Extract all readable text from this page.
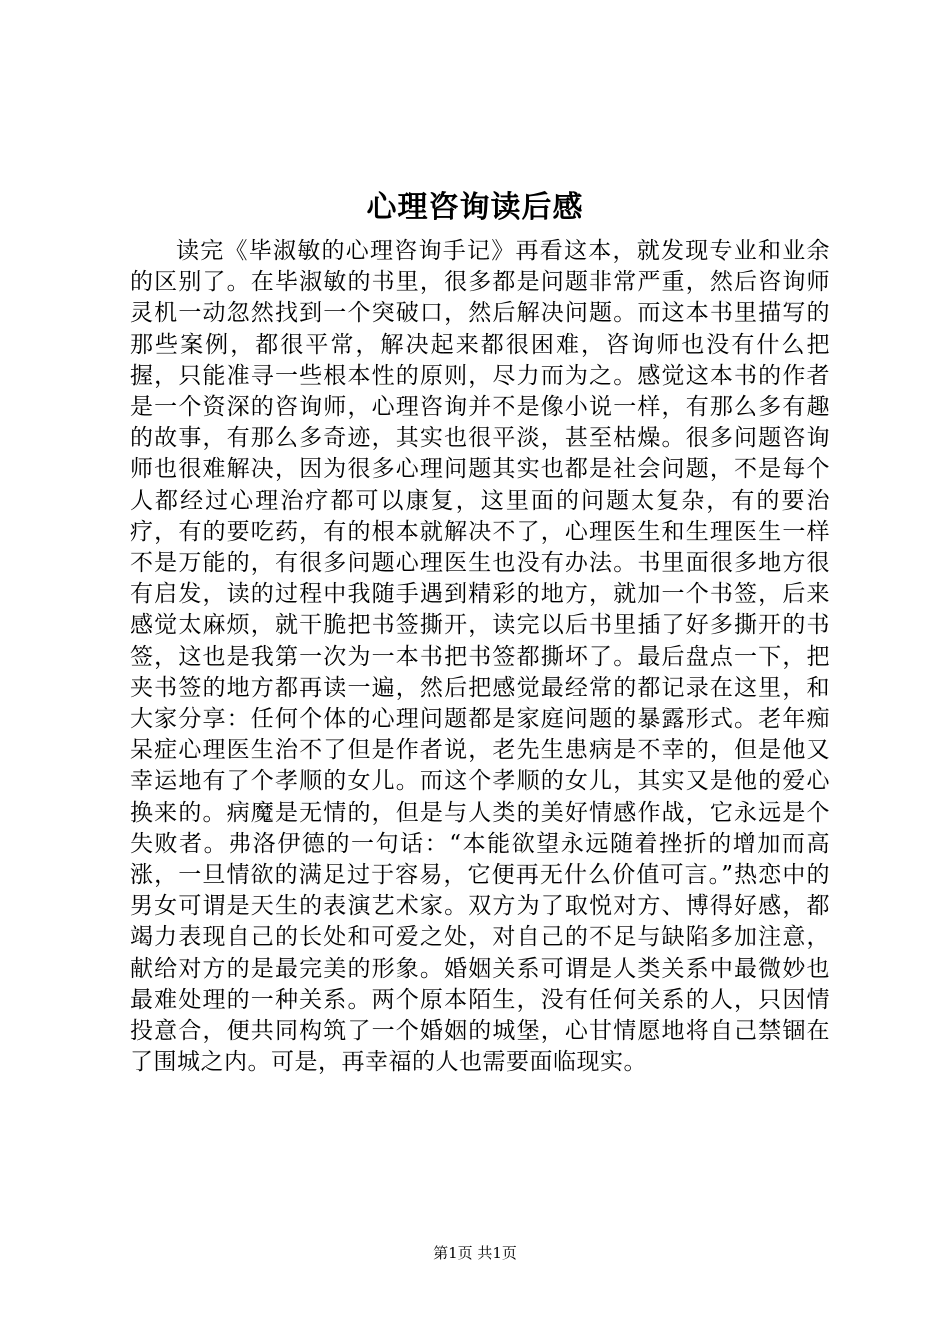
心理咨询读后感

读完《毕淑敏的心理咨询手记》再看这本，就发现专业和业余的区别了。在毕淑敏的书里，很多都是问题非常严重，然后咨询师灵机一动忽然找到一个突破口，然后解决问题。而这本书里描写的那些案例，都很平常，解决起来都很困难，咨询师也没有什么把握，只能准寻一些根本性的原则，尽力而为之。感觉这本书的作者是一个资深的咨询师，心理咨询并不是像小说一样，有那么多有趣的故事，有那么多奇迹，其实也很平淡，甚至枯燥。很多问题咨询师也很难解决，因为很多心理问题其实也都是社会问题，不是每个人都经过心理治疗都可以康复，这里面的问题太复杂，有的要治疗，有的要吃药，有的根本就解决不了，心理医生和生理医生一样不是万能的，有很多问题心理医生也没有办法。书里面很多地方很有启发，读的过程中我随手遇到精彩的地方，就加一个书签，后来感觉太麻烦，就干脆把书签撕开，读完以后书里插了好多撕开的书签，这也是我第一次为一本书把书签都撕坏了。最后盘点一下，把夹书签的地方都再读一遍，然后把感觉最经常的都记录在这里，和大家分享：任何个体的心理问题都是家庭问题的暴露形式。老年痴呆症心理医生治不了但是作者说，老先生患病是不幸的，但是他又幸运地有了个孝顺的女儿。而这个孝顺的女儿，其实又是他的爱心换来的。病魔是无情的，但是与人类的美好情感作战，它永远是个失败者。弗洛伊德的一句话：“本能欲望永远随着挫折的增加而高涨，一旦情欲的满足过于容易，它便再无什么价值可言。”热恋中的男女可谓是天生的表演艺术家。双方为了取悦对方、博得好感，都竭力表现自己的长处和可爱之处，对自己的不足与缺陷多加注意，献给对方的是最完美的形象。婚姻关系可谓是人类关系中最微妙也最难处理的一种关系。两个原本陌生，没有任何关系的人，只因情投意合，便共同构筑了一个婚姻的城堡，心甘情愿地将自己禁锢在了围城之内。可是，再幸福的人也需要面临现实。

第1页 共1页
